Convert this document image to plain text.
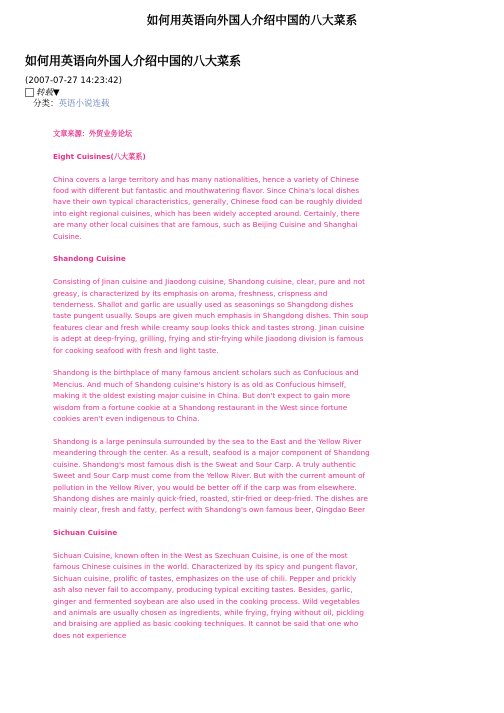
如何用英语向外国人介绍中国的八大菜系
如何用英语向外国人介绍中国的八大菜系
(2007-07-27 14:23:42)
转载▼
分类：英语小说连载

文章来源：外贸业务论坛

Eight Cuisines(八大菜系)

China covers a large territory and has many nationalities, hence a variety of Chinese food with different but fantastic and mouthwatering flavor. Since China's local dishes have their own typical characteristics, generally, Chinese food can be roughly divided into eight regional cuisines, which has been widely accepted around. Certainly, there are many other local cuisines that are famous, such as Beijing Cuisine and Shanghai Cuisine.

Shandong Cuisine

Consisting of Jinan cuisine and Jiaodong cuisine, Shandong cuisine, clear, pure and not greasy, is characterized by its emphasis on aroma, freshness, crispness and tenderness. Shallot and garlic are usually used as seasonings so Shangdong dishes taste pungent usually. Soups are given much emphasis in Shangdong dishes. Thin soup features clear and fresh while creamy soup looks thick and tastes strong. Jinan cuisine is adept at deep-frying, grilling, frying and stir-frying while Jiaodong division is famous for cooking seafood with fresh and light taste.

Shandong is the birthplace of many famous ancient scholars such as Confucious and Mencius. And much of Shandong cuisine's history is as old as Confucious himself, making it the oldest existing major cuisine in China. But don't expect to gain more wisdom from a fortune cookie at a Shandong restaurant in the West since fortune cookies aren't even indigenous to China.

Shandong is a large peninsula surrounded by the sea to the East and the Yellow River meandering through the center. As a result, seafood is a major component of Shandong cuisine. Shandong's most famous dish is the Sweat and Sour Carp. A truly authentic Sweet and Sour Carp must come from the Yellow River. But with the current amount of pollution in the Yellow River, you would be better off if the carp was from elsewhere. Shandong dishes are mainly quick-fried, roasted, stir-fried or deep-fried. The dishes are mainly clear, fresh and fatty, perfect with Shandong's own famous beer, Qingdao Beer

Sichuan Cuisine

Sichuan Cuisine, known often in the West as Szechuan Cuisine, is one of the most famous Chinese cuisines in the world. Characterized by its spicy and pungent flavor, Sichuan cuisine, prolific of tastes, emphasizes on the use of chili. Pepper and prickly ash also never fail to accompany, producing typical exciting tastes. Besides, garlic, ginger and fermented soybean are also used in the cooking process. Wild vegetables and animals are usually chosen as ingredients, while frying, frying without oil, pickling and braising are applied as basic cooking techniques. It cannot be said that one who does not experience
